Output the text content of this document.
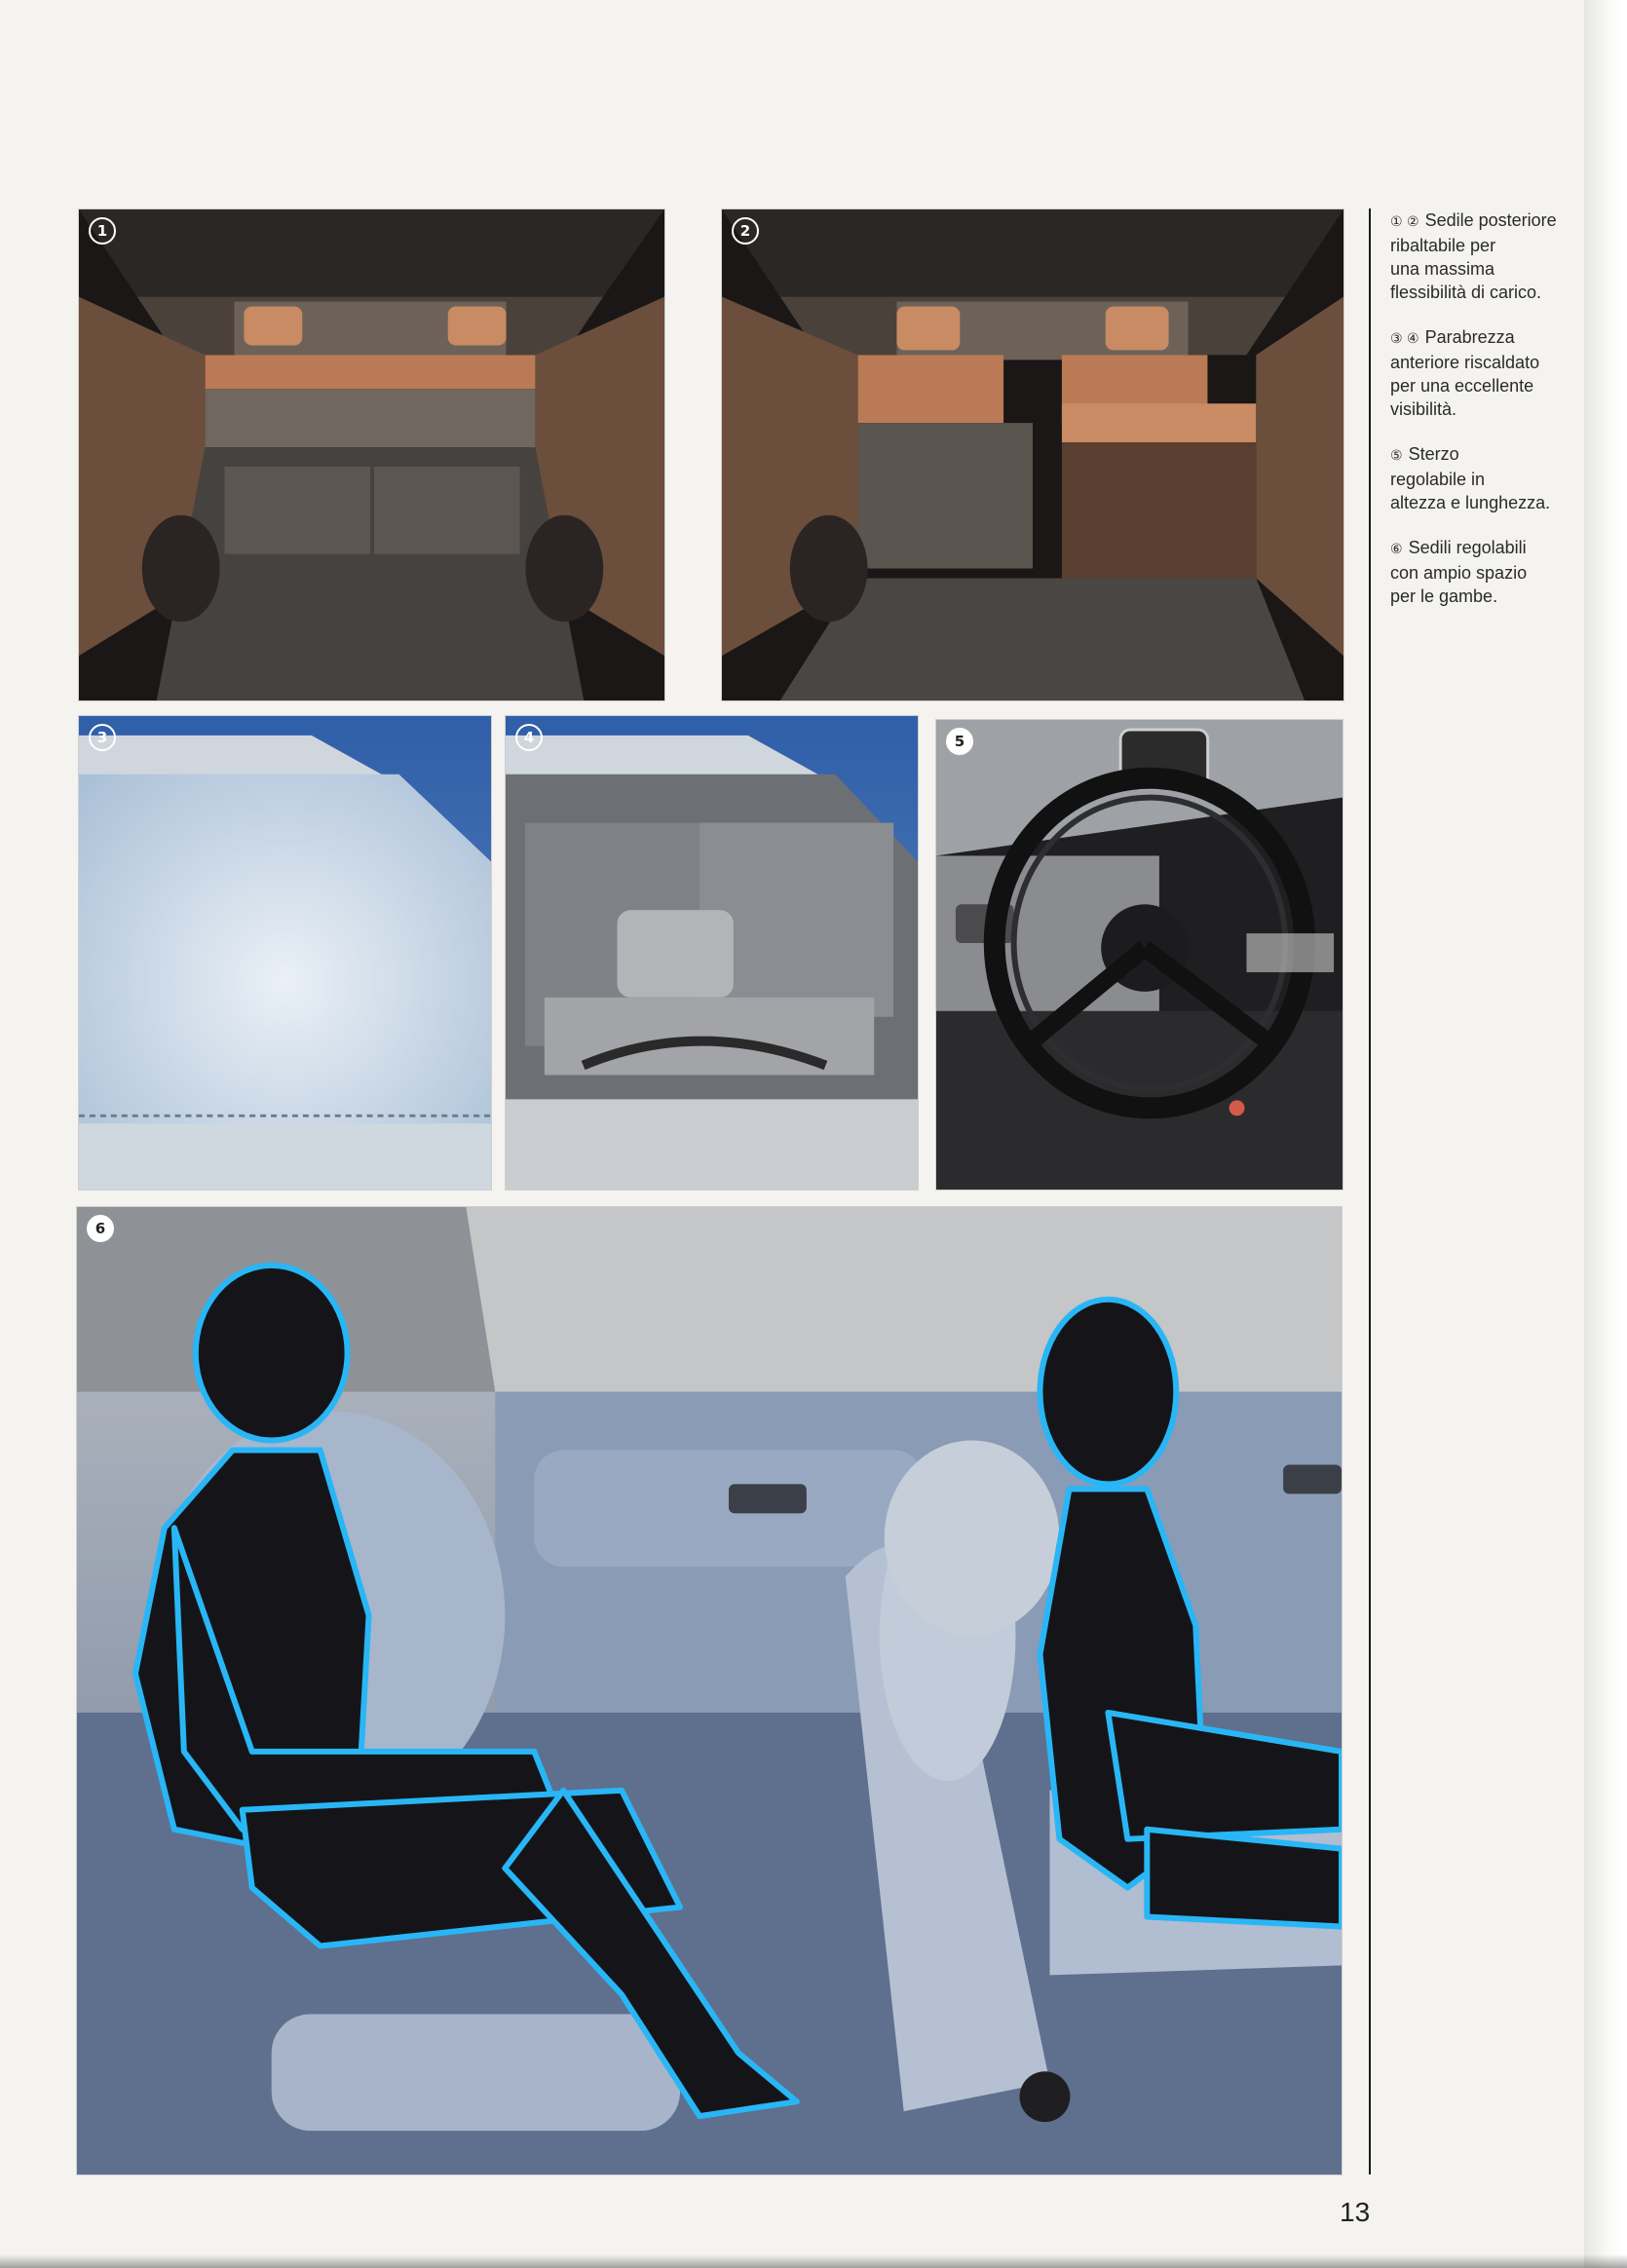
1	2
3	4	5
6
① ② Sedile posteriore
ribaltabile per
una massima
flessibilità di carico.
③ ④ Parabrezza
anteriore riscaldato
per una eccellente
visibilità.
⑤ Sterzo
regolabile in
altezza e lunghezza.
⑥ Sedili regolabili
con ampio spazio
per le gambe.
13
